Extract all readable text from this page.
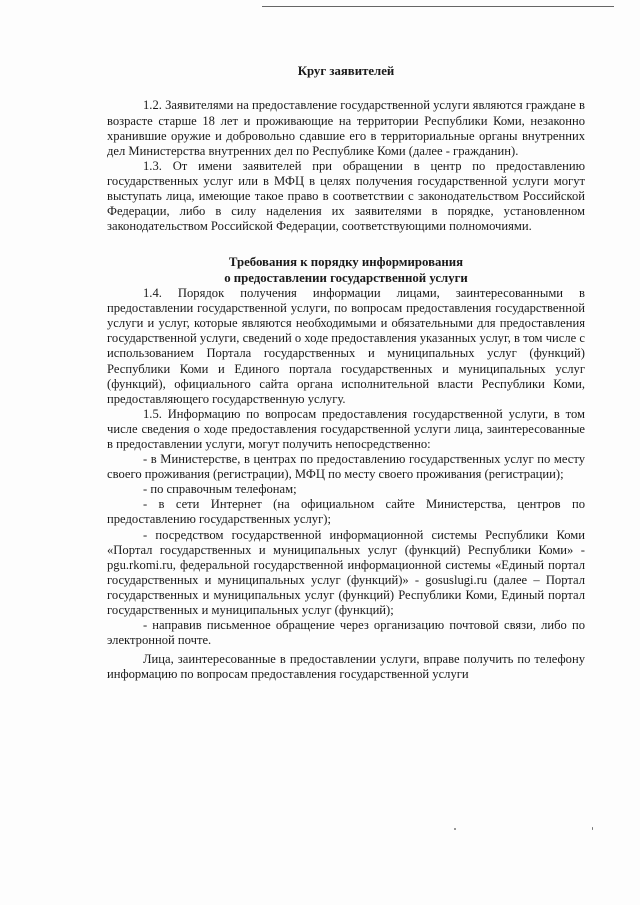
Круг заявителей

1.2. Заявителями на предоставление государственной услуги являются граждане в возрасте старше 18 лет и проживающие на территории Республики Коми, незаконно хранившие оружие и добровольно сдавшие его в территориальные органы внутренних дел Министерства внутренних дел по Республике Коми (далее - гражданин).

1.3. От имени заявителей при обращении в центр по предоставлению государственных услуг или в МФЦ в целях получения государственной услуги могут выступать лица, имеющие такое право в соответствии с законодательством Российской Федерации, либо в силу наделения их заявителями в порядке, установленном законодательством Российской Федерации, соответствующими полномочиями.

Требования к порядку информирования
о предоставлении государственной услуги

1.4. Порядок получения информации лицами, заинтересованными в предоставлении государственной услуги, по вопросам предоставления государственной услуги и услуг, которые являются необходимыми и обязательными для предоставления государственной услуги, сведений о ходе предоставления указанных услуг, в том числе с использованием Портала государственных и муниципальных услуг (функций) Республики Коми и Единого портала государственных и муниципальных услуг (функций), официального сайта органа исполнительной власти Республики Коми, предоставляющего государственную услугу.

1.5. Информацию по вопросам предоставления государственной услуги, в том числе сведения о ходе предоставления государственной услуги лица, заинтересованные в предоставлении услуги, могут получить непосредственно:

- в Министерстве, в центрах по предоставлению государственных услуг по месту своего проживания (регистрации), МФЦ по месту своего проживания (регистрации);

- по справочным телефонам;

- в сети Интернет (на официальном сайте Министерства, центров по предоставлению государственных услуг);

- посредством государственной информационной системы Республики Коми «Портал государственных и муниципальных услуг (функций) Республики Коми» - pgu.rkomi.ru, федеральной государственной информационной системы «Единый портал государственных и муниципальных услуг (функций)» - gosuslugi.ru (далее – Портал государственных и муниципальных услуг (функций) Республики Коми, Единый портал государственных и муниципальных услуг (функций);

- направив письменное обращение через организацию почтовой связи, либо по электронной почте.

Лица, заинтересованные в предоставлении услуги, вправе получить по телефону информацию по вопросам предоставления государственной услуги
